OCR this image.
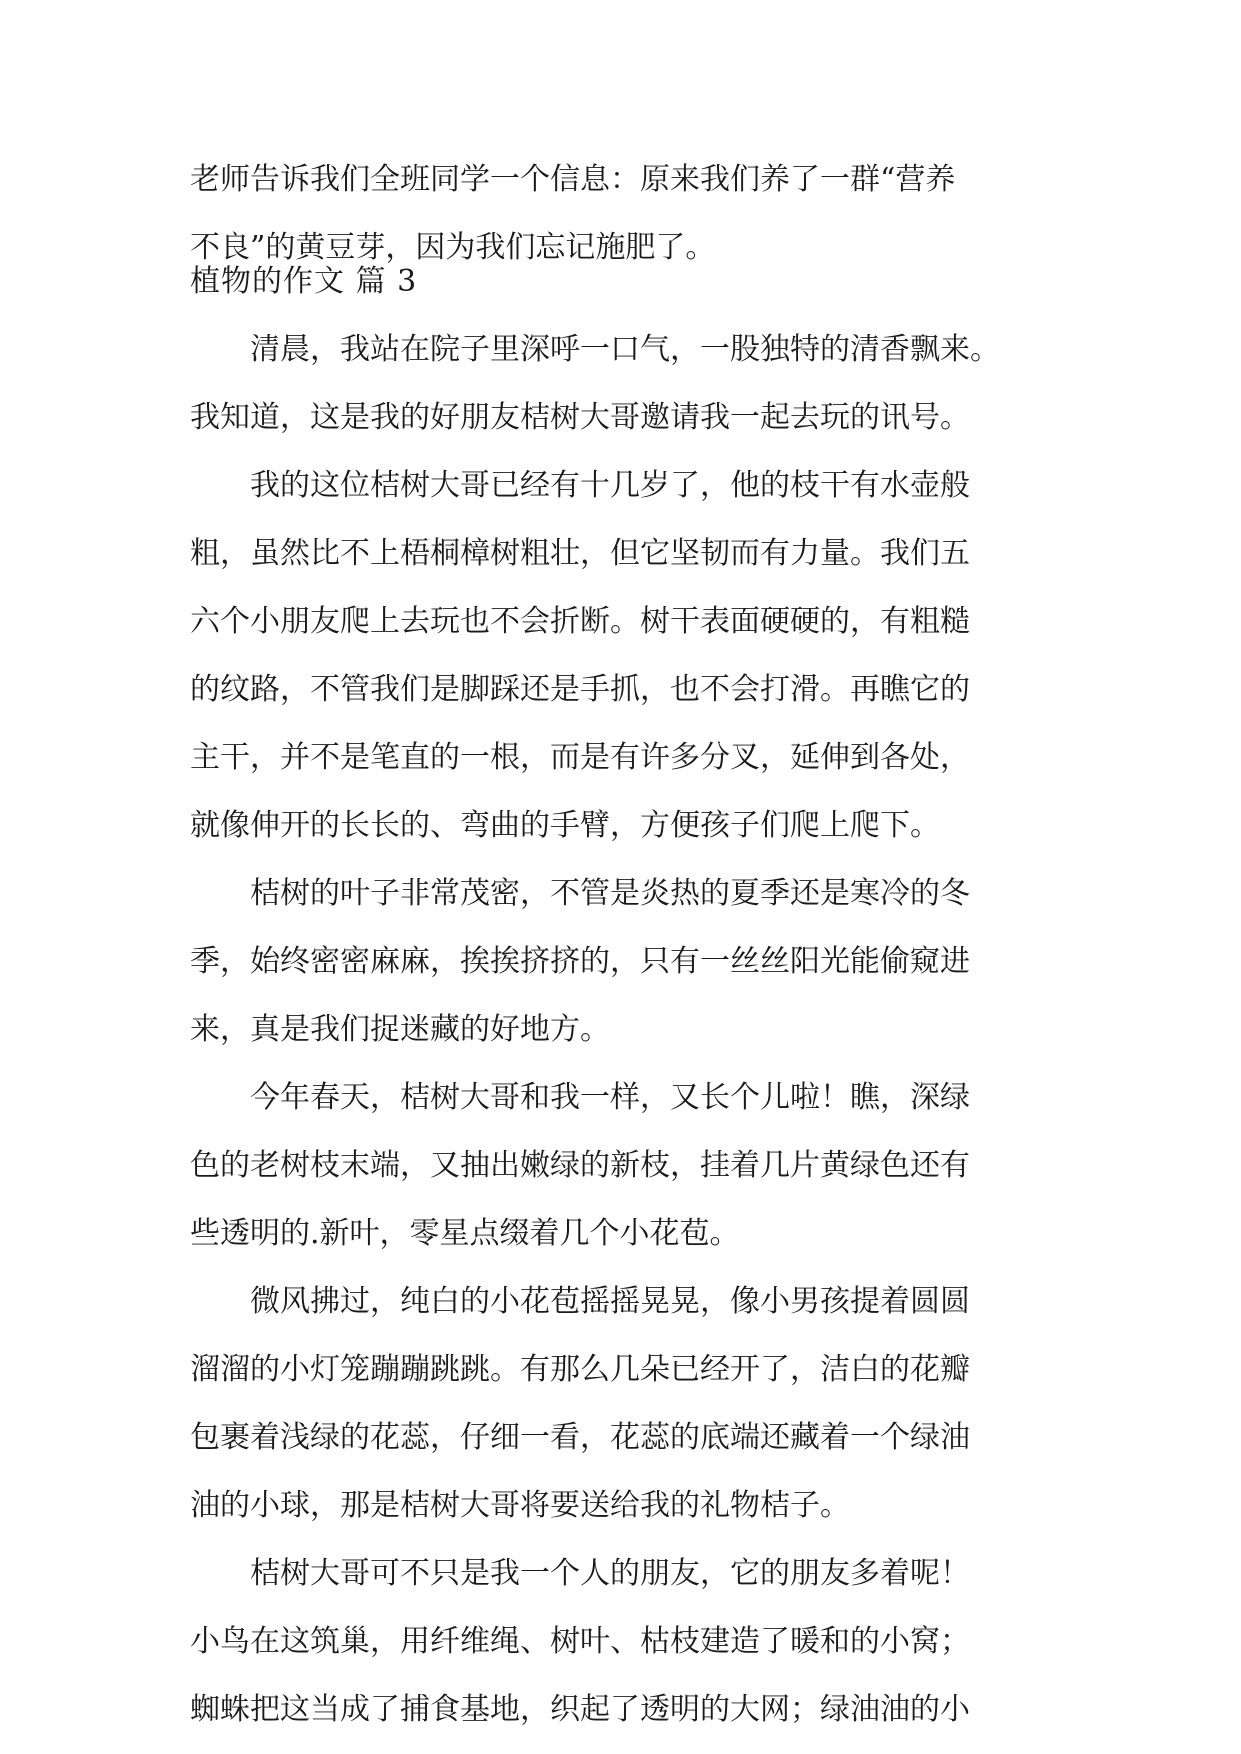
老师告诉我们全班同学一个信息：原来我们养了一群“营养
不良”的黄豆芽，因为我们忘记施肥了。
植物的作文 篇 3
　　清晨，我站在院子里深呼一口气，一股独特的清香飘来。
我知道，这是我的好朋友桔树大哥邀请我一起去玩的讯号。
　　我的这位桔树大哥已经有十几岁了，他的枝干有水壶般
粗，虽然比不上梧桐樟树粗壮，但它坚韧而有力量。我们五
六个小朋友爬上去玩也不会折断。树干表面硬硬的，有粗糙
的纹路，不管我们是脚踩还是手抓，也不会打滑。再瞧它的
主干，并不是笔直的一根，而是有许多分叉，延伸到各处，
就像伸开的长长的、弯曲的手臂，方便孩子们爬上爬下。
　　桔树的叶子非常茂密，不管是炎热的夏季还是寒冷的冬
季，始终密密麻麻，挨挨挤挤的，只有一丝丝阳光能偷窥进
来，真是我们捉迷藏的好地方。
　　今年春天，桔树大哥和我一样，又长个儿啦！瞧，深绿
色的老树枝末端，又抽出嫩绿的新枝，挂着几片黄绿色还有
些透明的.新叶，零星点缀着几个小花苞。
　　微风拂过，纯白的小花苞摇摇晃晃，像小男孩提着圆圆
溜溜的小灯笼蹦蹦跳跳。有那么几朵已经开了，洁白的花瓣
包裹着浅绿的花蕊，仔细一看，花蕊的底端还藏着一个绿油
油的小球，那是桔树大哥将要送给我的礼物桔子。
　　桔树大哥可不只是我一个人的朋友，它的朋友多着呢！
小鸟在这筑巢，用纤维绳、树叶、枯枝建造了暖和的小窝；
蜘蛛把这当成了捕食基地，织起了透明的大网；绿油油的小
